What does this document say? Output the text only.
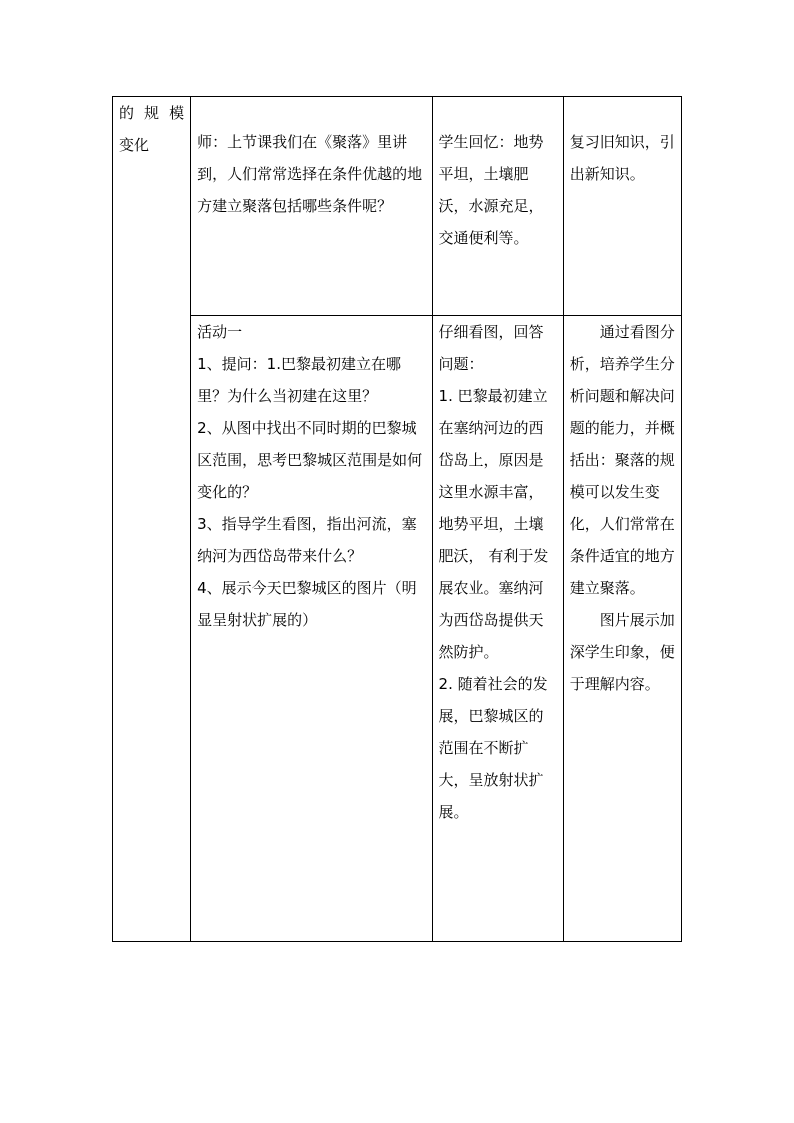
的 规 模
变化	师：上节课我们在《聚落》里讲到，人们常常选择在条件优越的地方建立聚落包括哪些条件呢？	学生回忆：地势平坦，土壤肥沃，水源充足，交通便利等。	复习旧知识，引出新知识。

	活动一
1、提问：1.巴黎最初建立在哪里？为什么当初建在这里？
2、从图中找出不同时期的巴黎城区范围，思考巴黎城区范围是如何变化的？
3、指导学生看图，指出河流，塞纳河为西岱岛带来什么？
4、展示今天巴黎城区的图片（明显呈射状扩展的）	仔细看图，回答问题：
1. 巴黎最初建立在塞纳河边的西岱岛上，原因是这里水源丰富，地势平坦，土壤肥沃， 有利于发展农业。塞纳河为西岱岛提供天然防护。
2. 随着社会的发展，巴黎城区的范围在不断扩大，呈放射状扩展。	通过看图分析，培养学生分析问题和解决问题的能力，并概括出：聚落的规模可以发生变化，人们常常在条件适宜的地方建立聚落。
图片展示加深学生印象，便于理解内容。
